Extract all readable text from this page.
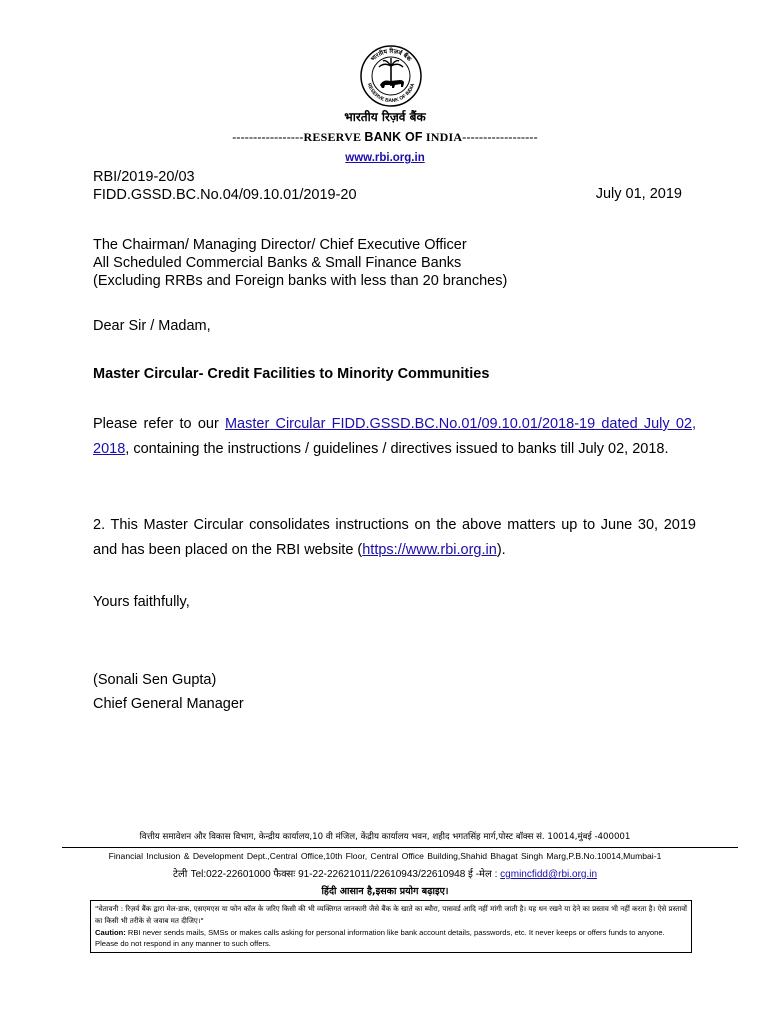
भारतीय रिज़र्व बैंक
RESERVE BANK OF INDIA
भारतीय रिज़र्व बैंक
-----------------RESERVE BANK OF INDIA------------------
www.rbi.org.in
RBI/2019-20/03
FIDD.GSSD.BC.No.04/09.10.01/2019-20	July 01, 2019
The Chairman/ Managing Director/ Chief Executive Officer
All Scheduled Commercial Banks & Small Finance Banks
(Excluding RRBs and Foreign banks with less than 20 branches)
Dear Sir / Madam,
Master Circular- Credit Facilities to Minority Communities
Please refer to our Master Circular FIDD.GSSD.BC.No.01/09.10.01/2018-19 dated July 02, 2018, containing the instructions / guidelines / directives issued to banks till July 02, 2018.
2. This Master Circular consolidates instructions on the above matters up to June 30, 2019 and has been placed on the RBI website (https://www.rbi.org.in).
Yours faithfully,
(Sonali Sen Gupta)
Chief General Manager
वित्तीय समावेशन और विकास विभाग, केन्द्रीय कार्यालय,10 वी मंजिल, केंद्रीय कार्यालय भवन, शहीद भगतसिंह मार्ग,पोस्ट बॉक्स सं. 10014,मुंबई -400001
Financial Inclusion & Development Dept.,Central Office,10th Floor, Central Office Building,Shahid Bhagat Singh Marg,P.B.No.10014,Mumbai-1
टेली Tel:022-22601000 फैक्सः 91-22-22621011/22610943/22610948 ई -मेल : cgmincfidd@rbi.org.in
हिंदी आसान है,इसका प्रयोग बढ़ाइए।
"चेतावनी : रिज़र्व बैंक द्वारा मेल-डाक, एसएमएस या फोन कॉल के जरिए किसी की भी व्यक्तिगत जानकारी जैसे बैंक के खाते का ब्यौरा, पासवर्ड आदि नहीं मांगी जाती है। यह धन रखने या देने का प्रस्ताव भी नहीं करता है। ऐसे प्रस्तावों का किसी भी तरीके से जवाब मत दीजिए।"
Caution: RBI never sends mails, SMSs or makes calls asking for personal information like bank account details, passwords, etc. It never keeps or offers funds to anyone. Please do not respond in any manner to such offers.
